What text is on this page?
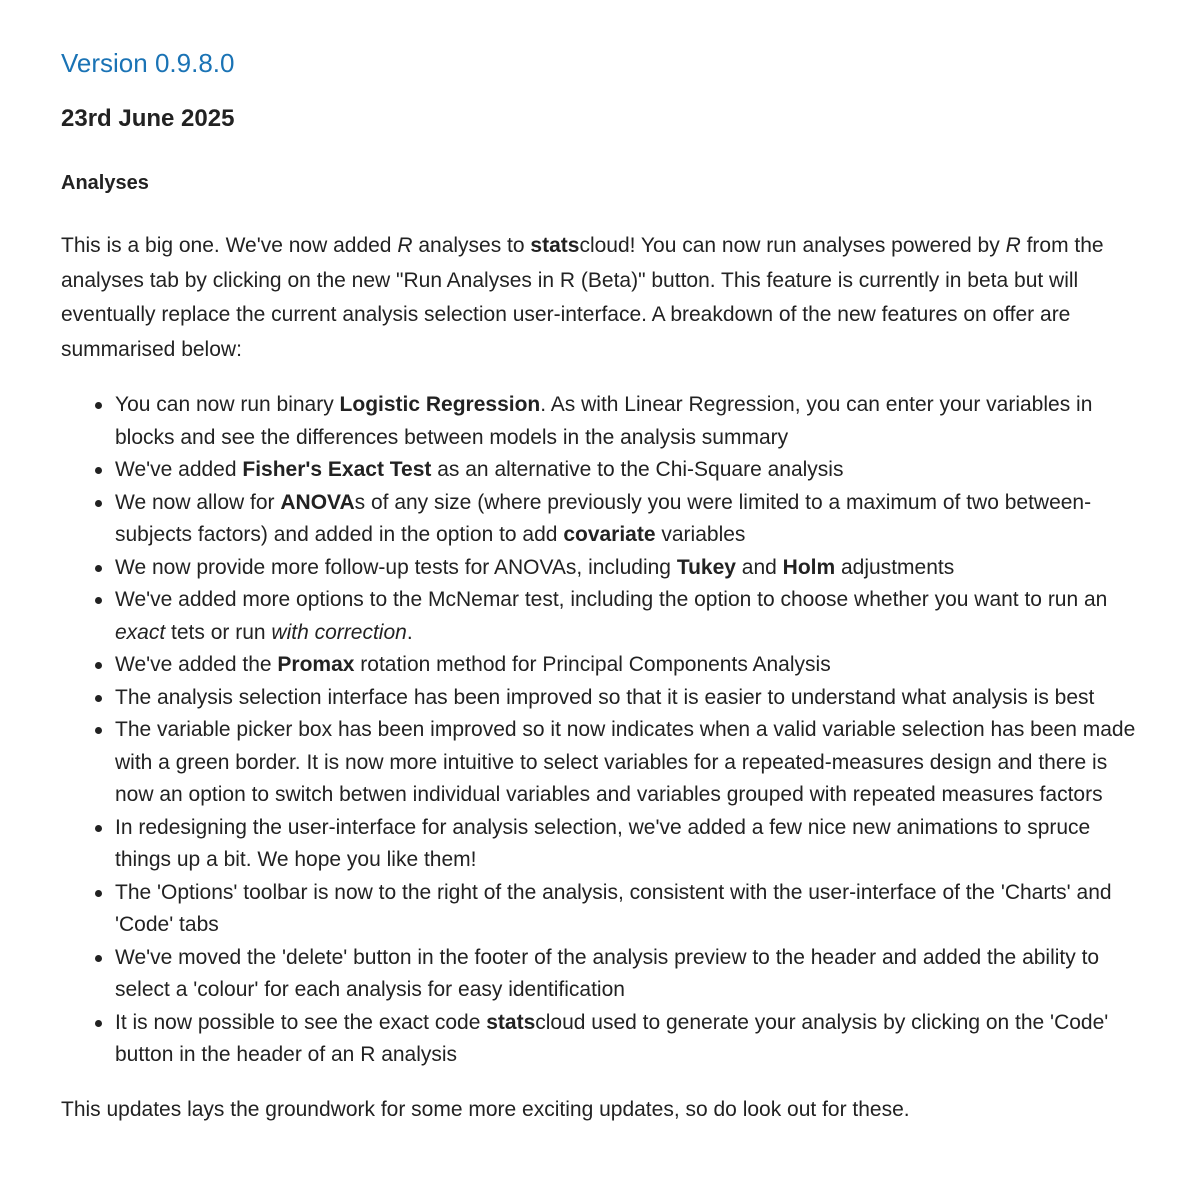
Version 0.9.8.0
23rd June 2025
Analyses

This is a big one. We've now added R analyses to statscloud! You can now run analyses powered by R from the analyses tab by clicking on the new "Run Analyses in R (Beta)" button. This feature is currently in beta but will eventually replace the current analysis selection user-interface. A breakdown of the new features on offer are summarised below:

You can now run binary Logistic Regression. As with Linear Regression, you can enter your variables in blocks and see the differences between models in the analysis summary
We've added Fisher's Exact Test as an alternative to the Chi-Square analysis
We now allow for ANOVAs of any size (where previously you were limited to a maximum of two between-subjects factors) and added in the option to add covariate variables
We now provide more follow-up tests for ANOVAs, including Tukey and Holm adjustments
We've added more options to the McNemar test, including the option to choose whether you want to run an exact tets or run with correction.
We've added the Promax rotation method for Principal Components Analysis
The analysis selection interface has been improved so that it is easier to understand what analysis is best
The variable picker box has been improved so it now indicates when a valid variable selection has been made with a green border. It is now more intuitive to select variables for a repeated-measures design and there is now an option to switch betwen individual variables and variables grouped with repeated measures factors
In redesigning the user-interface for analysis selection, we've added a few nice new animations to spruce things up a bit. We hope you like them!
The 'Options' toolbar is now to the right of the analysis, consistent with the user-interface of the 'Charts' and 'Code' tabs
We've moved the 'delete' button in the footer of the analysis preview to the header and added the ability to select a 'colour' for each analysis for easy identification
It is now possible to see the exact code statscloud used to generate your analysis by clicking on the 'Code' button in the header of an R analysis

This updates lays the groundwork for some more exciting updates, so do look out for these.
